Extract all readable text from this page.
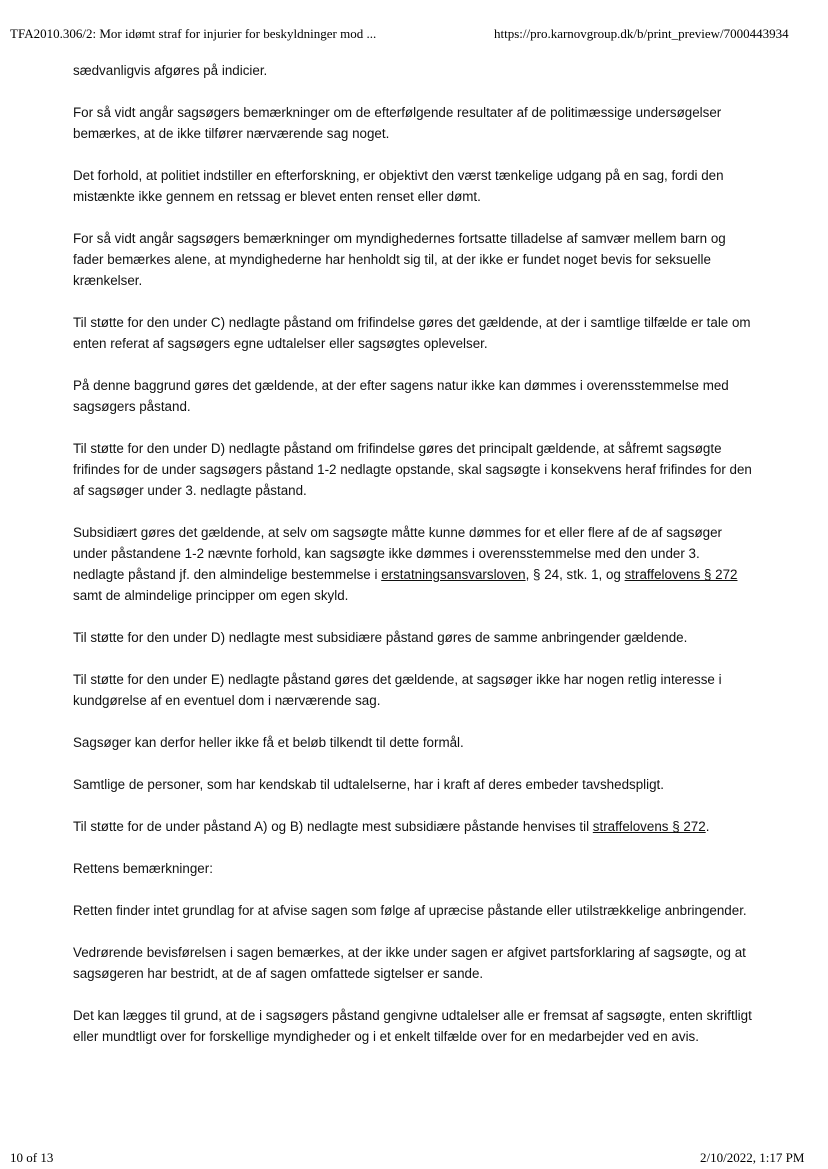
TFA2010.306/2: Mor idømt straf for injurier for beskyldninger mod ...	https://pro.karnovgroup.dk/b/print_preview/7000443934

sædvanligvis afgøres på indicier.

For så vidt angår sagsøgers bemærkninger om de efterfølgende resultater af de politimæssige undersøgelser bemærkes, at de ikke tilfører nærværende sag noget.

Det forhold, at politiet indstiller en efterforskning, er objektivt den værst tænkelige udgang på en sag, fordi den mistænkte ikke gennem en retssag er blevet enten renset eller dømt.

For så vidt angår sagsøgers bemærkninger om myndighedernes fortsatte tilladelse af samvær mellem barn og fader bemærkes alene, at myndighederne har henholdt sig til, at der ikke er fundet noget bevis for seksuelle krænkelser.

Til støtte for den under C) nedlagte påstand om frifindelse gøres det gældende, at der i samtlige tilfælde er tale om enten referat af sagsøgers egne udtalelser eller sagsøgtes oplevelser.

På denne baggrund gøres det gældende, at der efter sagens natur ikke kan dømmes i overensstemmelse med sagsøgers påstand.

Til støtte for den under D) nedlagte påstand om frifindelse gøres det principalt gældende, at såfremt sagsøgte frifindes for de under sagsøgers påstand 1-2 nedlagte opstande, skal sagsøgte i konsekvens heraf frifindes for den af sagsøger under 3. nedlagte påstand.

Subsidiært gøres det gældende, at selv om sagsøgte måtte kunne dømmes for et eller flere af de af sagsøger under påstandene 1-2 nævnte forhold, kan sagsøgte ikke dømmes i overensstemmelse med den under 3. nedlagte påstand jf. den almindelige bestemmelse i erstatningsansvarsloven, § 24, stk. 1, og straffelovens § 272 samt de almindelige principper om egen skyld.

Til støtte for den under D) nedlagte mest subsidiære påstand gøres de samme anbringender gældende.

Til støtte for den under E) nedlagte påstand gøres det gældende, at sagsøger ikke har nogen retlig interesse i kundgørelse af en eventuel dom i nærværende sag.

Sagsøger kan derfor heller ikke få et beløb tilkendt til dette formål.

Samtlige de personer, som har kendskab til udtalelserne, har i kraft af deres embeder tavshedspligt.

Til støtte for de under påstand A) og B) nedlagte mest subsidiære påstande henvises til straffelovens § 272.

Rettens bemærkninger:

Retten finder intet grundlag for at afvise sagen som følge af upræcise påstande eller utilstrækkelige anbringender.

Vedrørende bevisførelsen i sagen bemærkes, at der ikke under sagen er afgivet partsforklaring af sagsøgte, og at sagsøgeren har bestridt, at de af sagen omfattede sigtelser er sande.

Det kan lægges til grund, at de i sagsøgers påstand gengivne udtalelser alle er fremsat af sagsøgte, enten skriftligt eller mundtligt over for forskellige myndigheder og i et enkelt tilfælde over for en medarbejder ved en avis.

10 of 13	2/10/2022, 1:17 PM
